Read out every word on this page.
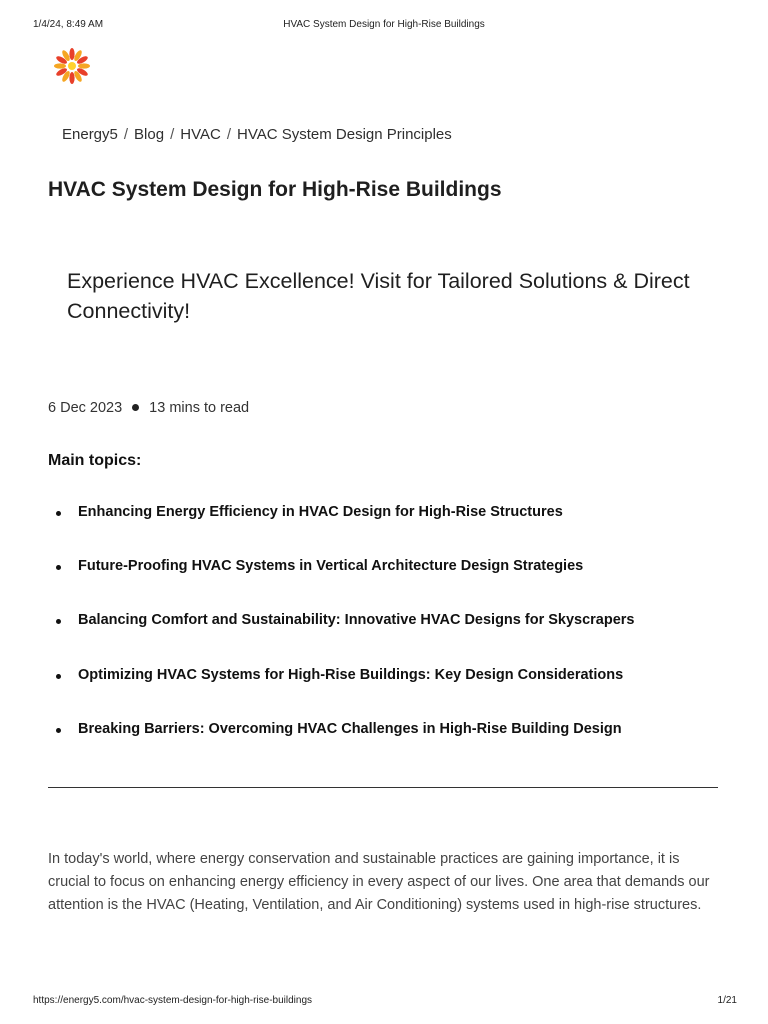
1/4/24, 8:49 AM	HVAC System Design for High-Rise Buildings
Energy5 / Blog / HVAC / HVAC System Design Principles
HVAC System Design for High-Rise Buildings

Experience HVAC Excellence! Visit for Tailored Solutions & Direct Connectivity!

6 Dec 2023 13 mins to read
Main topics:
Enhancing Energy Efficiency in HVAC Design for High-Rise Structures
Future-Proofing HVAC Systems in Vertical Architecture Design Strategies
Balancing Comfort and Sustainability: Innovative HVAC Designs for Skyscrapers
Optimizing HVAC Systems for High-Rise Buildings: Key Design Considerations
Breaking Barriers: Overcoming HVAC Challenges in High-Rise Building Design

In today's world, where energy conservation and sustainable practices are gaining importance, it is crucial to focus on enhancing energy efficiency in every aspect of our lives. One area that demands our attention is the HVAC (Heating, Ventilation, and Air Conditioning) systems used in high-rise structures.

https://energy5.com/hvac-system-design-for-high-rise-buildings	1/21
